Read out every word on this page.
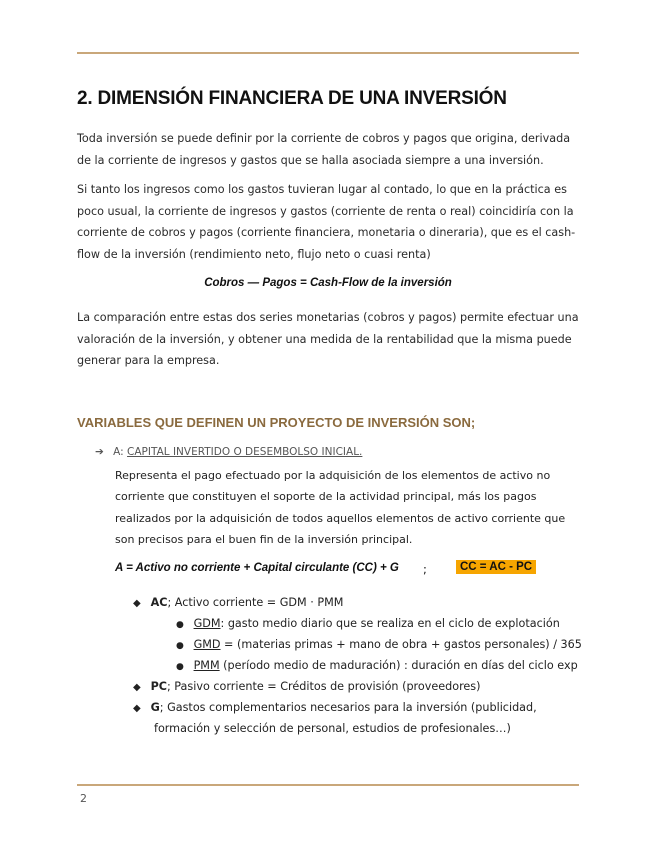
2. DIMENSIÓN FINANCIERA DE UNA INVERSIÓN

Toda inversión se puede definir por la corriente de cobros y pagos que origina, derivada de la corriente de ingresos y gastos que se halla asociada siempre a una inversión.

Si tanto los ingresos como los gastos tuvieran lugar al contado, lo que en la práctica es poco usual, la corriente de ingresos y gastos (corriente de renta o real) coincidiría con la corriente de cobros y pagos (corriente financiera, monetaria o dineraria), que es el cash-flow de la inversión (rendimiento neto, flujo neto o cuasi renta)

Cobros — Pagos = Cash-Flow de la inversión

La comparación entre estas dos series monetarias (cobros y pagos) permite efectuar una valoración de la inversión, y obtener una medida de la rentabilidad que la misma puede generar para la empresa.

VARIABLES QUE DEFINEN UN PROYECTO DE INVERSIÓN SON;
➔ A: CAPITAL INVERTIDO O DESEMBOLSO INICIAL.

Representa el pago efectuado por la adquisición de los elementos de activo no corriente que constituyen el soporte de la actividad principal, más los pagos realizados por la adquisición de todos aquellos elementos de activo corriente que son precisos para el buen fin de la inversión principal.

A = Activo no corriente + Capital circulante (CC) + G ;	CC = AC - PC
◆ AC; Activo corriente = GDM · PMM
● GDM: gasto medio diario que se realiza en el ciclo de explotación
● GMD = (materias primas + mano de obra + gastos personales) / 365
● PMM (período medio de maduración) : duración en días del ciclo exp
◆ PC; Pasivo corriente = Créditos de provisión (proveedores)
◆ G; Gastos complementarios necesarios para la inversión (publicidad,
formación y selección de personal, estudios de profesionales…)
2
